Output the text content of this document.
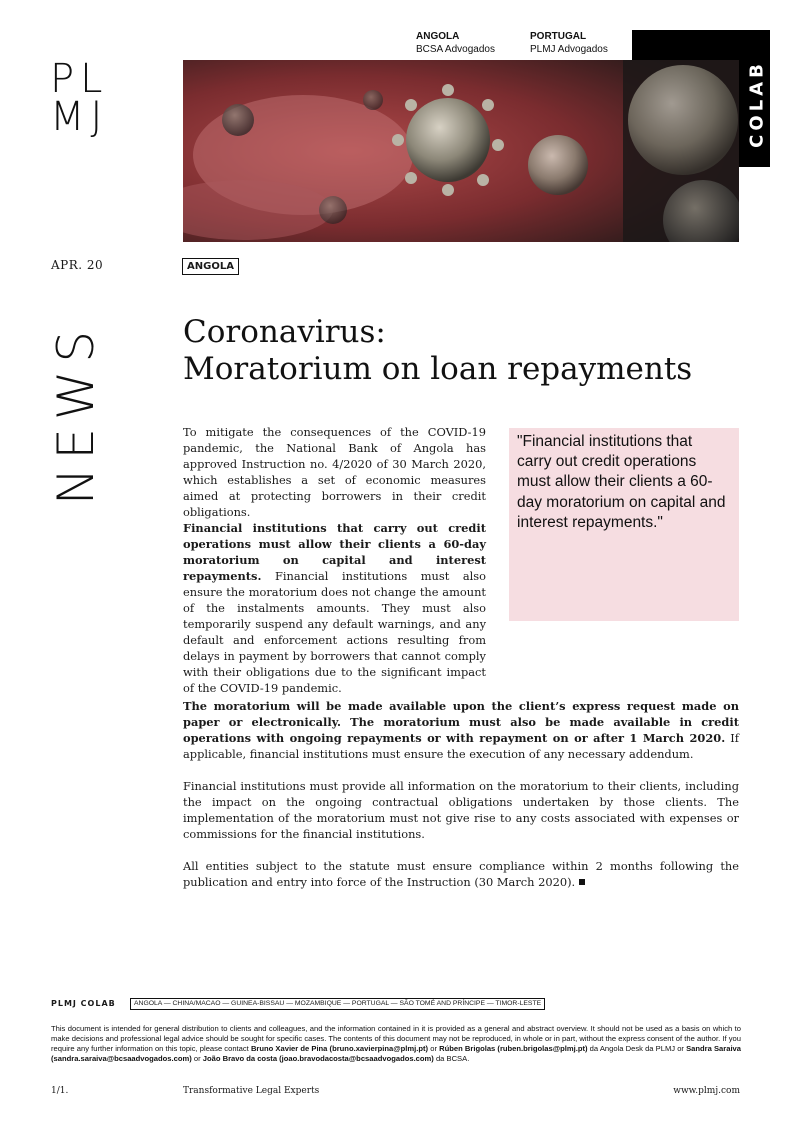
PL
MJ
ANGOLA
BCSA Advogados
PORTUGAL
PLMJ Advogados
COLAB
APR. 20	ANGOLA
NEWS	Coronavirus:
Moratorium on loan repayments

To mitigate the consequences of the COVID-19 pandemic, the National Bank of Angola has approved Instruction no. 4/2020 of 30 March 2020, which establishes a set of economic measures aimed at protecting borrowers in their credit obligations.

Financial institutions that carry out credit operations must allow their clients a 60-day moratorium on capital and interest repayments. Financial institutions must also ensure the moratorium does not change the amount of the instalments amounts. They must also temporarily suspend any default warnings, and any default and enforcement actions resulting from delays in payment by borrowers that cannot comply with their obligations due to the significant impact of the COVID-19 pandemic.

"Financial institutions that carry out credit operations must allow their clients a 60-day moratorium on capital and interest repayments."

The moratorium will be made available upon the client’s express request made on paper or electronically. The moratorium must also be made available in credit operations with ongoing repayments or with repayment on or after 1 March 2020. If applicable, financial institutions must ensure the execution of any necessary addendum.

Financial institutions must provide all information on the moratorium to their clients, including the impact on the ongoing contractual obligations undertaken by those clients. The implementation of the moratorium must not give rise to any costs associated with expenses or commissions for the financial institutions.

All entities subject to the statute must ensure compliance within 2 months following the publication and entry into force of the Instruction (30 March 2020).

PLMJ COLAB	ANGOLA — CHINA/MACAO — GUINEA-BISSAU — MOZAMBIQUE — PORTUGAL — SÃO TOMÉ AND PRÍNCIPE — TIMOR-LESTE

This document is intended for general distribution to clients and colleagues, and the information contained in it is provided as a general and abstract overview. It should not be used as a basis on which to make decisions and professional legal advice should be sought for specific cases. The contents of this document may not be reproduced, in whole or in part, without the express consent of the author. If you require any further information on this topic, please contact Bruno Xavier de Pina (bruno.xavierpina@plmj.pt) or Rúben Brigolas (ruben.brigolas@plmj.pt) da Angola Desk da PLMJ or Sandra Saraiva (sandra.saraiva@bcsaadvogados.com) or João Bravo da costa (joao.bravodacosta@bcsaadvogados.com) da BCSA.

1/1.	Transformative Legal Experts	www.plmj.com
